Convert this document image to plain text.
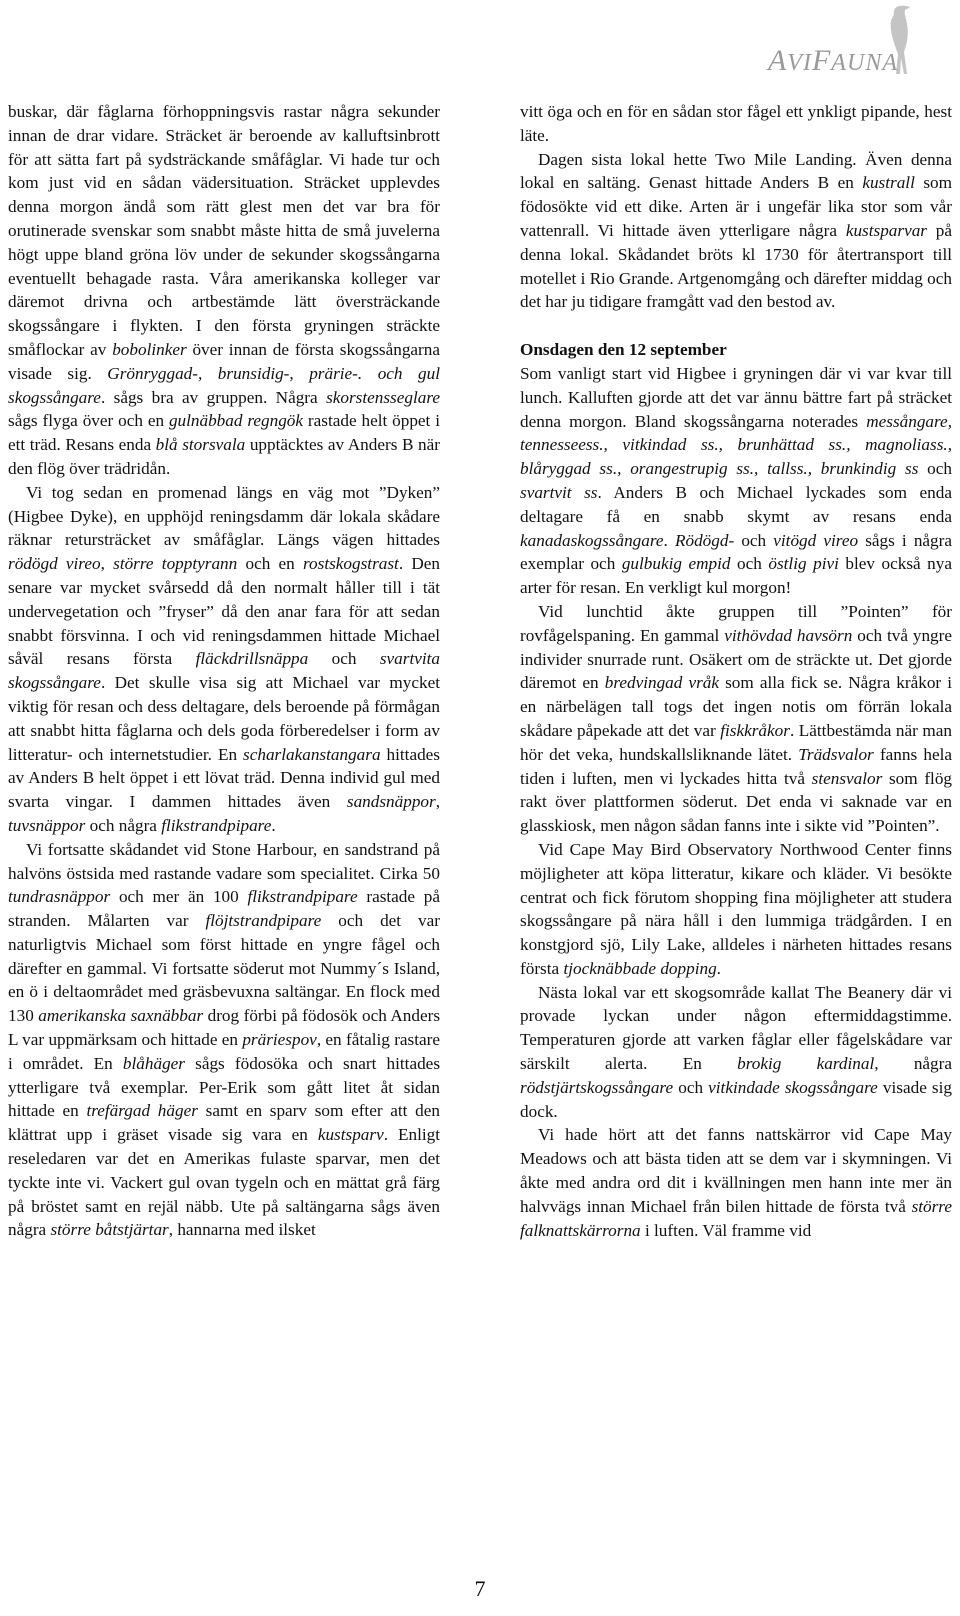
AVIFAUNA

buskar, där fåglarna förhoppningsvis rastar några sekunder innan de drar vidare. Sträcket är beroende av kalluftsinbrott för att sätta fart på sydsträckande småfåglar. Vi hade tur och kom just vid en sådan vädersituation. Sträcket upplevdes denna morgon ändå som rätt glest men det var bra för orutinerade svenskar som snabbt måste hitta de små juvelerna högt uppe bland gröna löv under de sekunder skogssångarna eventuellt behagade rasta. Våra amerikanska kolleger var däremot drivna och artbestämde lätt översträckande skogssångare i flykten. I den första gryningen sträckte småflockar av bobolinker över innan de första skogssångarna visade sig. Grönryggad-, brunsidig-, prärie-. och gul skogssångare. sågs bra av gruppen. Några skorstensseglare sågs flyga över och en gulnäbbad regngök rastade helt öppet i ett träd. Resans enda blå storsvala upptäcktes av Anders B när den flög över trädridån.

Vi tog sedan en promenad längs en väg mot ”Dyken” (Higbee Dyke), en upphöjd reningsdamm där lokala skådare räknar retursträcket av småfåglar. Längs vägen hittades rödögd vireo, större topptyrann och en rostskogstrast. Den senare var mycket svårsedd då den normalt håller till i tät undervegetation och ”fryser” då den anar fara för att sedan snabbt försvinna. I och vid reningsdammen hittade Michael såväl resans första fläckdrillsnäppa och svartvita skogssångare. Det skulle visa sig att Michael var mycket viktig för resan och dess deltagare, dels beroende på förmågan att snabbt hitta fåglarna och dels goda förberedelser i form av litteratur- och internetstudier. En scharlakanstangara hittades av Anders B helt öppet i ett lövat träd. Denna individ gul med svarta vingar. I dammen hittades även sandsnäppor, tuvsnäppor och några flikstrandpipare.

Vi fortsatte skådandet vid Stone Harbour, en sandstrand på halvöns östsida med rastande vadare som specialitet. Cirka 50 tundrasnäppor och mer än 100 flikstrandpipare rastade på stranden. Målarten var flöjtstrandpipare och det var naturligtvis Michael som först hittade en yngre fågel och därefter en gammal. Vi fortsatte söderut mot Nummy´s Island, en ö i deltaområdet med gräsbevuxna saltängar. En flock med 130 amerikanska saxnäbbar drog förbi på födosök och Anders L var uppmärksam och hittade en präriespov, en fåtalig rastare i området. En blåhäger sågs födosöka och snart hittades ytterligare två exemplar. Per-Erik som gått litet åt sidan hittade en trefärgad häger samt en sparv som efter att den klättrat upp i gräset visade sig vara en kustsparv. Enligt reseledaren var det en Amerikas fulaste sparvar, men det tyckte inte vi. Vackert gul ovan tygeln och en mättat grå färg på bröstet samt en rejäl näbb. Ute på saltängarna sågs även några större båtstjärtar, hannarna med ilsket

vitt öga och en för en sådan stor fågel ett ynkligt pipande, hest läte.

Dagen sista lokal hette Two Mile Landing. Även denna lokal en saltäng. Genast hittade Anders B en kustrall som födosökte vid ett dike. Arten är i ungefär lika stor som vår vattenrall. Vi hittade även ytterligare några kustsparvar på denna lokal. Skådandet bröts kl 1730 för återtransport till motellet i Rio Grande. Artgenomgång och därefter middag och det har ju tidigare framgått vad den bestod av.

Onsdagen den 12 september

Som vanligt start vid Higbee i gryningen där vi var kvar till lunch. Kalluften gjorde att det var ännu bättre fart på sträcket denna morgon. Bland skogssångarna noterades messångare, tennesseess., vitkindad ss., brunhättad ss., magnoliass., blåryggad ss., orangestrupig ss., tallss., brunkindig ss och svartvit ss. Anders B och Michael lyckades som enda deltagare få en snabb skymt av resans enda kanadaskogssångare. Rödögd- och vitögd vireo sågs i några exemplar och gulbukig empid och östlig pivi blev också nya arter för resan. En verkligt kul morgon!

Vid lunchtid åkte gruppen till ”Pointen” för rovfågelspaning. En gammal vithövdad havsörn och två yngre individer snurrade runt. Osäkert om de sträckte ut. Det gjorde däremot en bredvingad vråk som alla fick se. Några kråkor i en närbelägen tall togs det ingen notis om förrän lokala skådare påpekade att det var fiskkråkor. Lättbestämda när man hör det veka, hundskallsliknande lätet. Trädsvalor fanns hela tiden i luften, men vi lyckades hitta två stensvalor som flög rakt över plattformen söderut. Det enda vi saknade var en glasskiosk, men någon sådan fanns inte i sikte vid ”Pointen”.

Vid Cape May Bird Observatory Northwood Center finns möjligheter att köpa litteratur, kikare och kläder. Vi besökte centrat och fick förutom shopping fina möjligheter att studera skogssångare på nära håll i den lummiga trädgården. I en konstgjord sjö, Lily Lake, alldeles i närheten hittades resans första tjocknäbbade dopping.

Nästa lokal var ett skogsområde kallat The Beanery där vi provade lyckan under någon eftermiddagstimme. Temperaturen gjorde att varken fåglar eller fågelskådare var särskilt alerta. En brokig kardinal, några rödstjärtskogssångare och vitkindade skogssångare visade sig dock.

Vi hade hört att det fanns nattskärror vid Cape May Meadows och att bästa tiden att se dem var i skymningen. Vi åkte med andra ord dit i kvällningen men hann inte mer än halvvägs innan Michael från bilen hittade de första två större falknattskärrorna i luften. Väl framme vid

7
